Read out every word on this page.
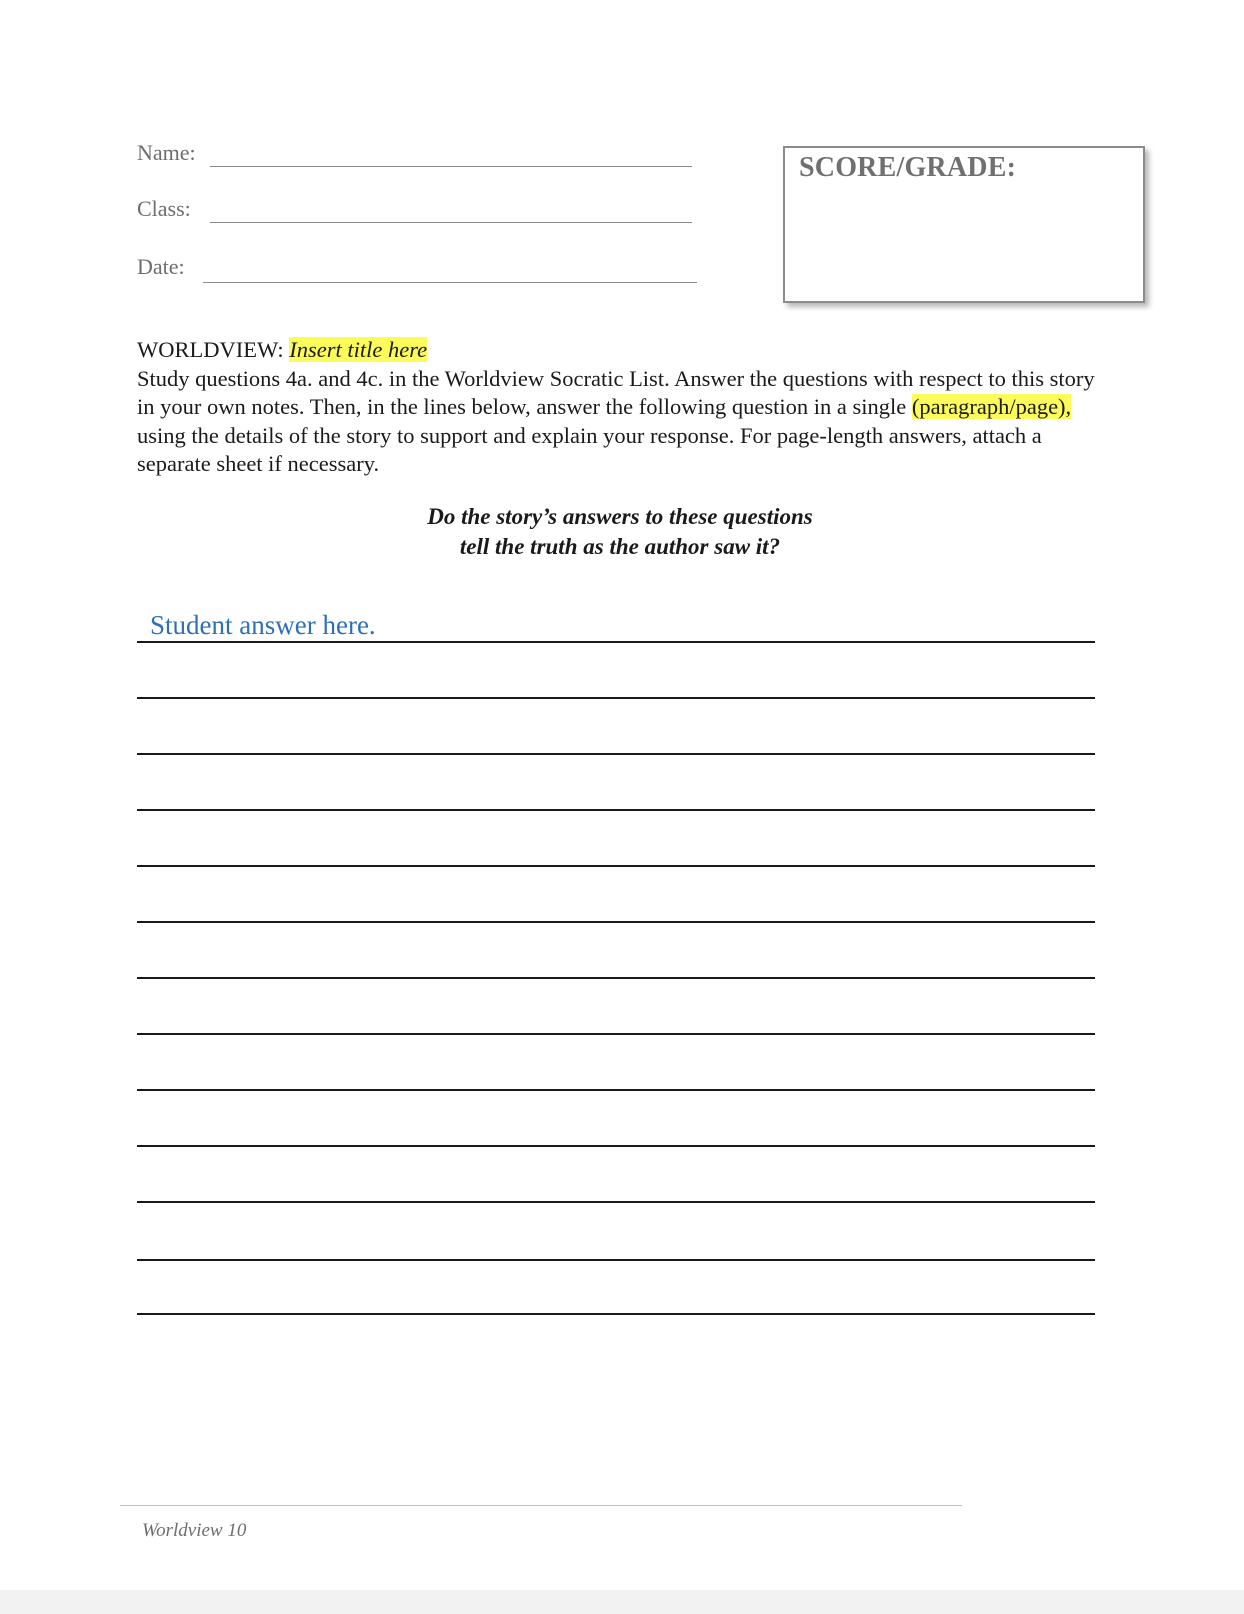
Name:
Class:
Date:
SCORE/GRADE:
WORLDVIEW: Insert title here
Study questions 4a. and 4c. in the Worldview Socratic List. Answer the questions with respect to this story in your own notes. Then, in the lines below, answer the following question in a single (paragraph/page), using the details of the story to support and explain your response. For page-length answers, attach a separate sheet if necessary.
Do the story’s answers to these questions
tell the truth as the author saw it?
Student answer here.
Worldview 10
